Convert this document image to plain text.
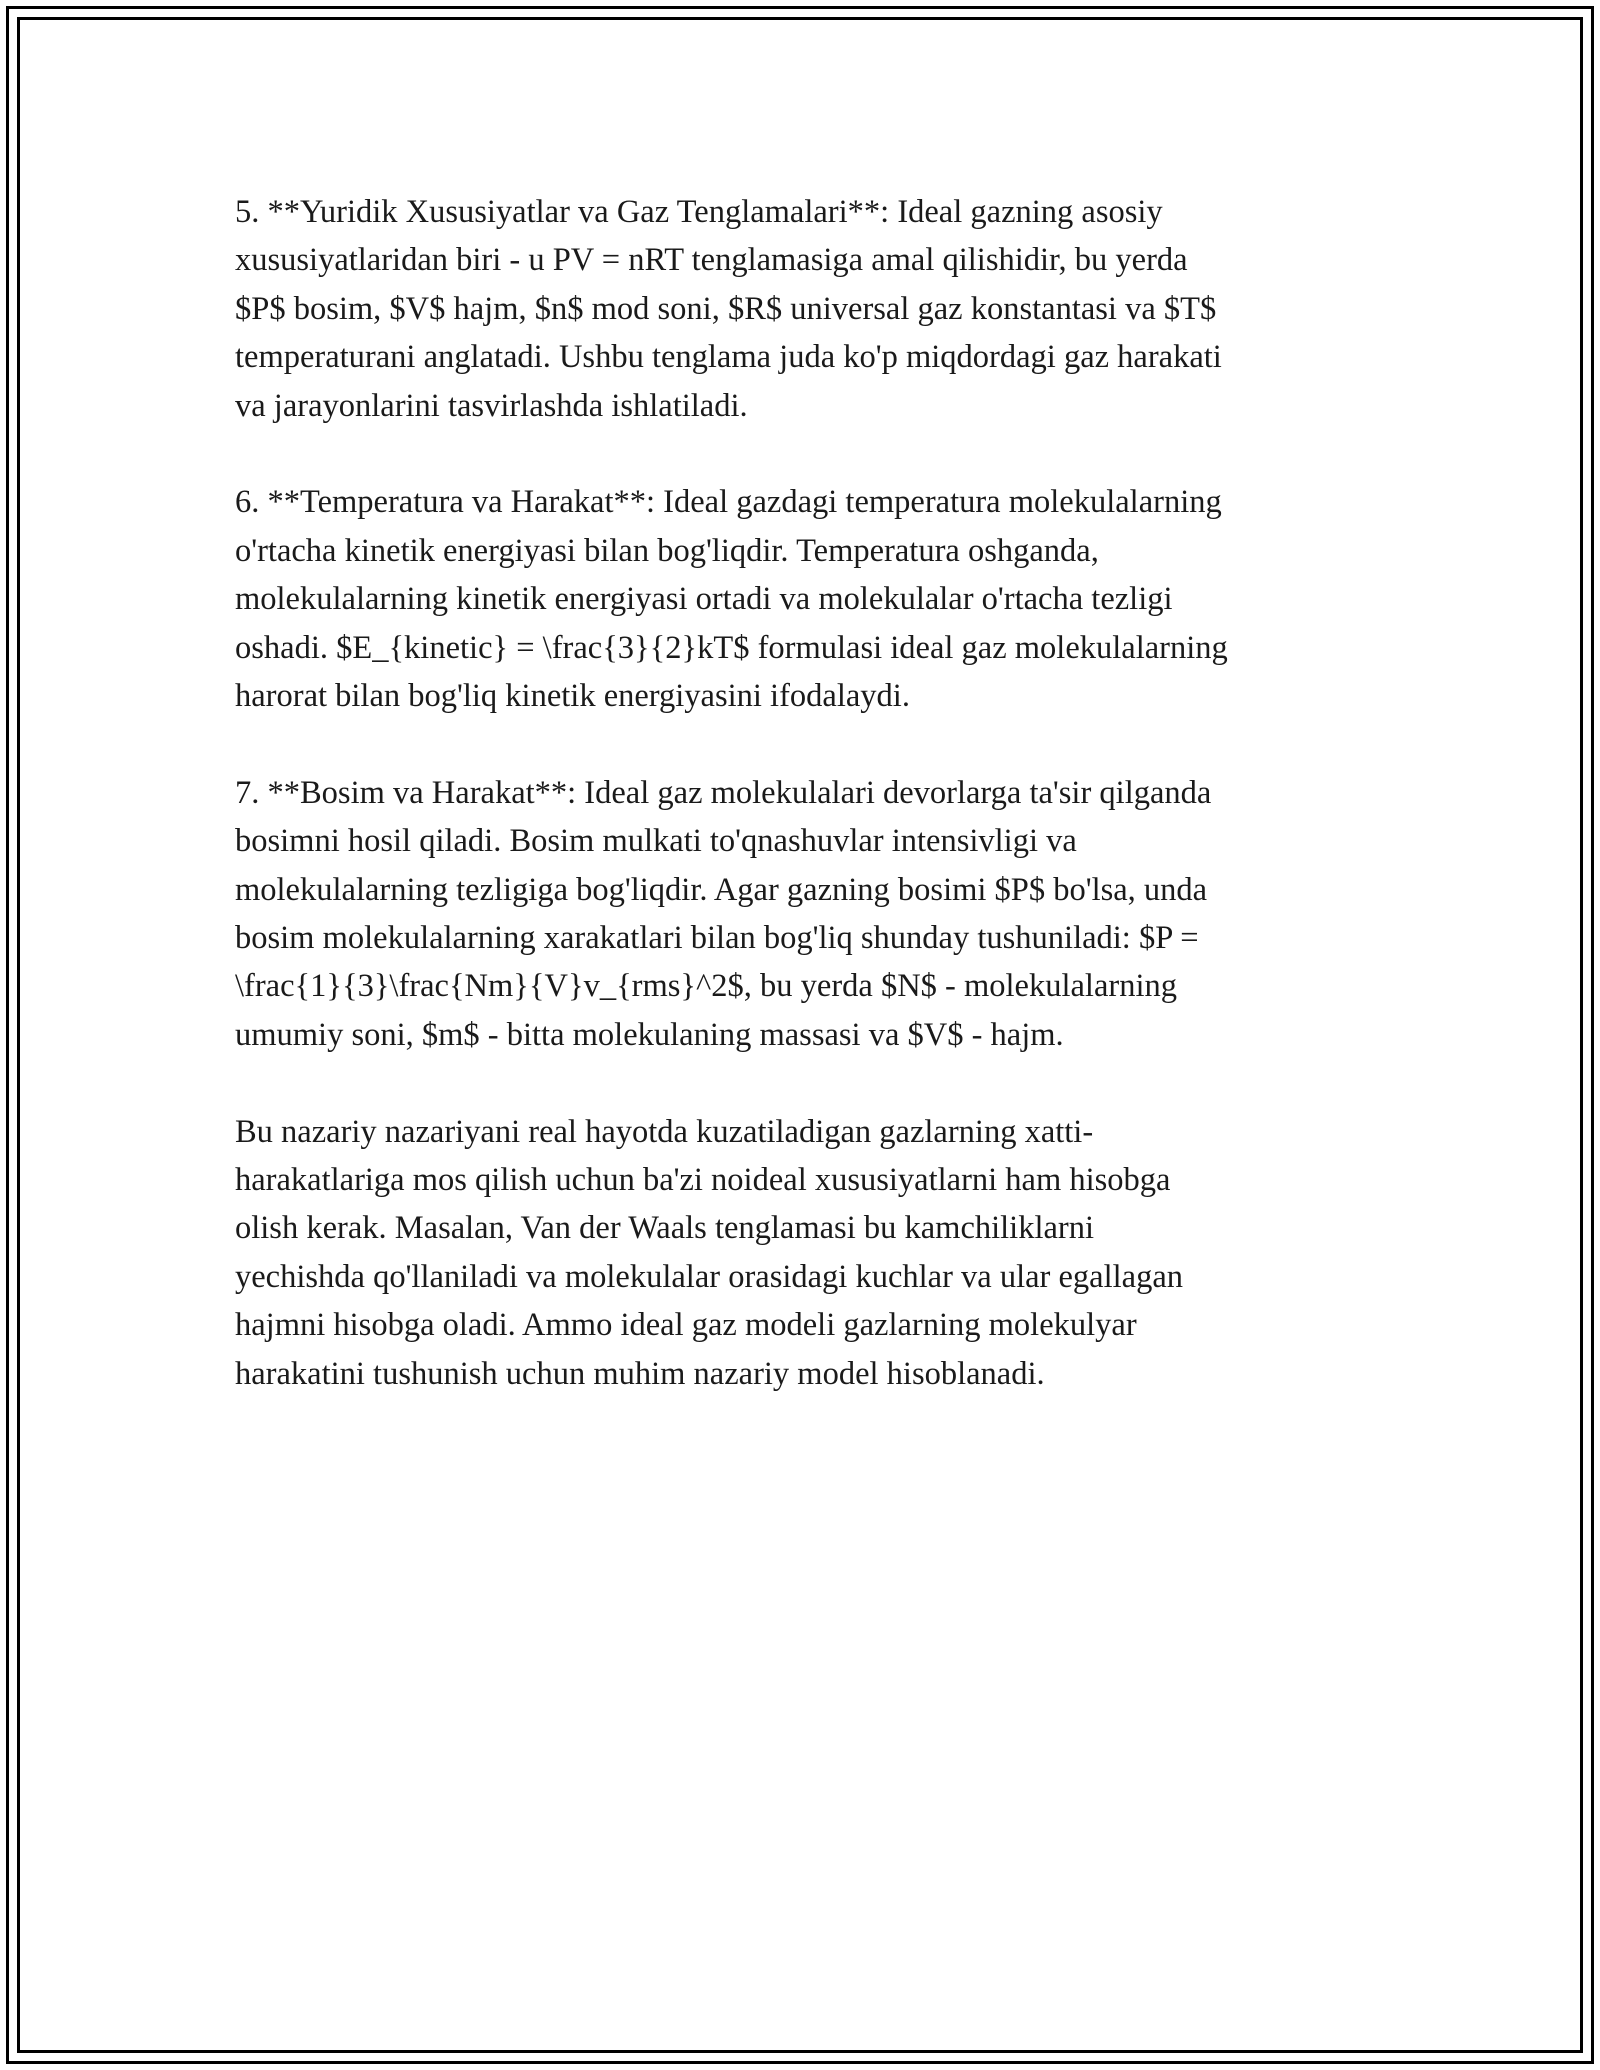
5. **Yuridik Xususiyatlar va Gaz Tenglamalari**: Ideal gazning asosiy
xususiyatlaridan biri - u PV = nRT tenglamasiga amal qilishidir, bu yerda
$P$ bosim, $V$ hajm, $n$ mod soni, $R$ universal gaz konstantasi va $T$
temperaturani anglatadi. Ushbu tenglama juda ko'p miqdordagi gaz harakati
va jarayonlarini tasvirlashda ishlatiladi.

6. **Temperatura va Harakat**: Ideal gazdagi temperatura molekulalarning
o'rtacha kinetik energiyasi bilan bog'liqdir. Temperatura oshganda,
molekulalarning kinetik energiyasi ortadi va molekulalar o'rtacha tezligi
oshadi. $E_{kinetic} = \frac{3}{2}kT$ formulasi ideal gaz molekulalarning
harorat bilan bog'liq kinetik energiyasini ifodalaydi.

7. **Bosim va Harakat**: Ideal gaz molekulalari devorlarga ta'sir qilganda
bosimni hosil qiladi. Bosim mulkati to'qnashuvlar intensivligi va
molekulalarning tezligiga bog'liqdir. Agar gazning bosimi $P$ bo'lsa, unda
bosim molekulalarning xarakatlari bilan bog'liq shunday tushuniladi: $P =
\frac{1}{3}\frac{Nm}{V}v_{rms}^2$, bu yerda $N$ - molekulalarning
umumiy soni, $m$ - bitta molekulaning massasi va $V$ - hajm.

Bu nazariy nazariyani real hayotda kuzatiladigan gazlarning xatti-
harakatlariga mos qilish uchun ba'zi noideal xususiyatlarni ham hisobga
olish kerak. Masalan, Van der Waals tenglamasi bu kamchiliklarni
yechishda qo'llaniladi va molekulalar orasidagi kuchlar va ular egallagan
hajmni hisobga oladi. Ammo ideal gaz modeli gazlarning molekulyar
harakatini tushunish uchun muhim nazariy model hisoblanadi.
